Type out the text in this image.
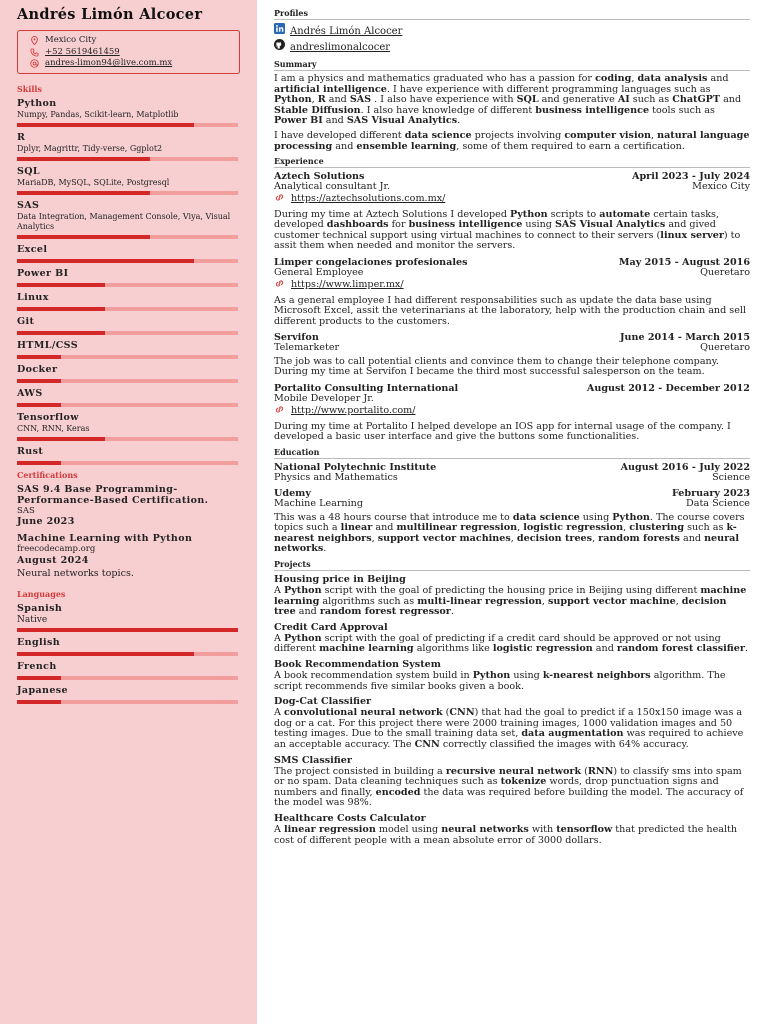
Andrés Limón Alcocer
Mexico City
+52 5619461459
andres-limon94@live.com.mx
Skills
Python
Numpy, Pandas, Scikit-learn, Matplotlib
R
Dplyr, Magrittr, Tidy-verse, Ggplot2
SQL
MariaDB, MySQL, SQLite, Postgresql
SAS
Data Integration, Management Console, Viya, Visual Analytics
Excel
Power BI
Linux
Git
HTML/CSS
Docker
AWS
Tensorflow
CNN, RNN, Keras
Rust
Certifications
SAS 9.4 Base Programming-Performance-Based Certification.
SAS
June 2023
Machine Learning with Python
freecodecamp.org
August 2024
Neural networks topics.
Languages
Spanish
Native
English
French
Japanese
Profiles
Andrés Limón Alcocer
andreslimonalcocer
Summary

I am a physics and mathematics graduated who has a passion for coding, data analysis and artificial intelligence. I have experience with different programming languages such as Python, R and SAS . I also have experience with SQL and generative AI such as ChatGPT and Stable Diffusion. I also have knowledge of different business intelligence tools such as Power BI and SAS Visual Analytics.

I have developed different data science projects involving computer vision, natural language processing and ensemble learning, some of them required to earn a certification.

Experience
Aztech Solutions	April 2023 - July 2024
Analytical consultant Jr.	Mexico City
https://aztechsolutions.com.mx/

During my time at Aztech Solutions I developed Python scripts to automate certain tasks, developed dashboards for business intelligence using SAS Visual Analytics and gived customer technical support using virtual machines to connect to their servers (linux server) to assit them when needed and monitor the servers.

Limper congelaciones profesionales	May 2015 - August 2016
General Employee	Queretaro
https://www.limper.mx/

As a general employee I had different responsabilities such as update the data base using Microsoft Excel, assit the veterinarians at the laboratory, help with the production chain and sell different products to the customers.

Servifon	June 2014 - March 2015
Telemarketer	Queretaro

The job was to call potential clients and convince them to change their telephone company. During my time at Servifon I became the third most successful salesperson on the team.

Portalito Consulting International	August 2012 - December 2012
Mobile Developer Jr.
http://www.portalito.com/

During my time at Portalito I helped develope an IOS app for internal usage of the company. I developed a basic user interface and give the buttons some functionalities.

Education
National Polytechnic Institute	August 2016 - July 2022
Physics and Mathematics	Science
Udemy	February 2023
Machine Learning	Data Science

This was a 48 hours course that introduce me to data science using Python. The course covers topics such a linear and multilinear regression, logistic regression, clustering such as k-nearest neighbors, support vector machines, decision trees, random forests and neural networks.

Projects
Housing price in Beijing

A Python script with the goal of predicting the housing price in Beijing using different machine learning algorithms such as multi-linear regression, support vector machine, decision tree and random forest regressor.

Credit Card Approval

A Python script with the goal of predicting if a credit card should be approved or not using different machine learning algorithms like logistic regression and random forest classifier.

Book Recommendation System

A book recommendation system build in Python using k-nearest neighbors algorithm. The script recommends five similar books given a book.

Dog-Cat Classifier

A convolutional neural network (CNN) that had the goal to predict if a 150x150 image was a dog or a cat. For this project there were 2000 training images, 1000 validation images and 50 testing images. Due to the small training data set, data augmentation was required to achieve an acceptable accuracy. The CNN correctly classified the images with 64% accuracy.

SMS Classifier

The project consisted in building a recursive neural network (RNN) to classify sms into spam or no spam. Data cleaning techniques such as tokenize words, drop punctuation signs and numbers and finally, encoded the data was required before building the model. The accuracy of the model was 98%.

Healthcare Costs Calculator

A linear regression model using neural networks with tensorflow that predicted the health cost of different people with a mean absolute error of 3000 dollars.
